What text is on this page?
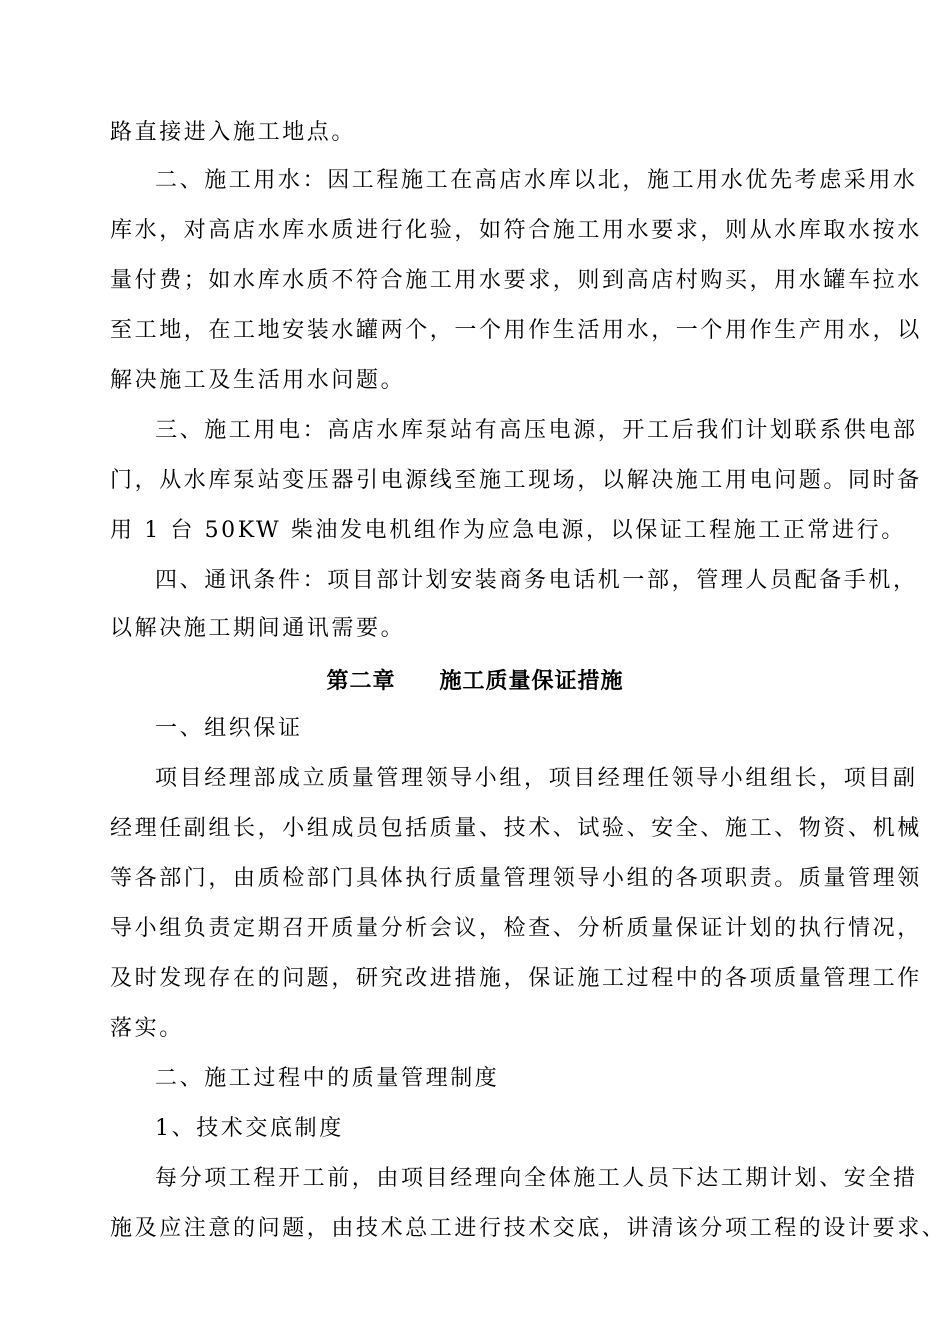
路直接进入施工地点。
二、施工用水：因工程施工在高店水库以北，施工用水优先考虑采用水
库水，对高店水库水质进行化验，如符合施工用水要求，则从水库取水按水
量付费；如水库水质不符合施工用水要求，则到高店村购买，用水罐车拉水
至工地，在工地安装水罐两个，一个用作生活用水，一个用作生产用水，以
解决施工及生活用水问题。
三、施工用电：高店水库泵站有高压电源，开工后我们计划联系供电部
门，从水库泵站变压器引电源线至施工现场，以解决施工用电问题。同时备
用 1 台 50KW 柴油发电机组作为应急电源，以保证工程施工正常进行。
四、通讯条件：项目部计划安装商务电话机一部，管理人员配备手机，
以解决施工期间通讯需要。
第二章 施工质量保证措施
一、组织保证
项目经理部成立质量管理领导小组，项目经理任领导小组组长，项目副
经理任副组长，小组成员包括质量、技术、试验、安全、施工、物资、机械
等各部门，由质检部门具体执行质量管理领导小组的各项职责。质量管理领
导小组负责定期召开质量分析会议，检查、分析质量保证计划的执行情况，
及时发现存在的问题，研究改进措施，保证施工过程中的各项质量管理工作
落实。
二、施工过程中的质量管理制度
1、技术交底制度
每分项工程开工前，由项目经理向全体施工人员下达工期计划、安全措
施及应注意的问题，由技术总工进行技术交底，讲清该分项工程的设计要求、
